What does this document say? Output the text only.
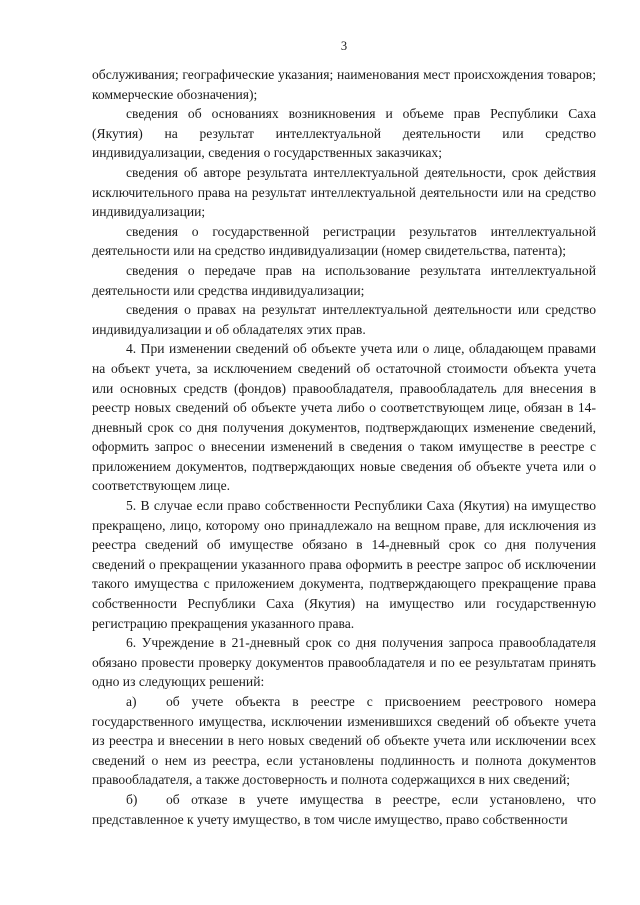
3

обслуживания; географические указания; наименования мест происхождения товаров; коммерческие обозначения);

сведения об основаниях возникновения и объеме прав Республики Саха (Якутия) на результат интеллектуальной деятельности или средство индивидуализации, сведения о государственных заказчиках;

сведения об авторе результата интеллектуальной деятельности, срок действия исключительного права на результат интеллектуальной деятельности или на средство индивидуализации;

сведения о государственной регистрации результатов интеллектуальной деятельности или на средство индивидуализации (номер свидетельства, патента);

сведения о передаче прав на использование результата интеллектуальной деятельности или средства индивидуализации;

сведения о правах на результат интеллектуальной деятельности или средство индивидуализации и об обладателях этих прав.

4. При изменении сведений об объекте учета или о лице, обладающем правами на объект учета, за исключением сведений об остаточной стоимости объекта учета или основных средств (фондов) правообладателя, правообладатель для внесения в реестр новых сведений об объекте учета либо о соответствующем лице, обязан в 14-дневный срок со дня получения документов, подтверждающих изменение сведений, оформить запрос о внесении изменений в сведения о таком имуществе в реестре с приложением документов, подтверждающих новые сведения об объекте учета или о соответствующем лице.

5. В случае если право собственности Республики Саха (Якутия) на имущество прекращено, лицо, которому оно принадлежало на вещном праве, для исключения из реестра сведений об имуществе обязано в 14-дневный срок со дня получения сведений о прекращении указанного права оформить в реестре запрос об исключении такого имущества с приложением документа, подтверждающего прекращение права собственности Республики Саха (Якутия) на имущество или государственную регистрацию прекращения указанного права.

6. Учреждение в 21-дневный срок со дня получения запроса правообладателя обязано провести проверку документов правообладателя и по ее результатам принять одно из следующих решений:

а) об учете объекта в реестре с присвоением реестрового номера государственного имущества, исключении изменившихся сведений об объекте учета из реестра и внесении в него новых сведений об объекте учета или исключении всех сведений о нем из реестра, если установлены подлинность и полнота документов правообладателя, а также достоверность и полнота содержащихся в них сведений;

б) об отказе в учете имущества в реестре, если установлено, что представленное к учету имущество, в том числе имущество, право собственности
